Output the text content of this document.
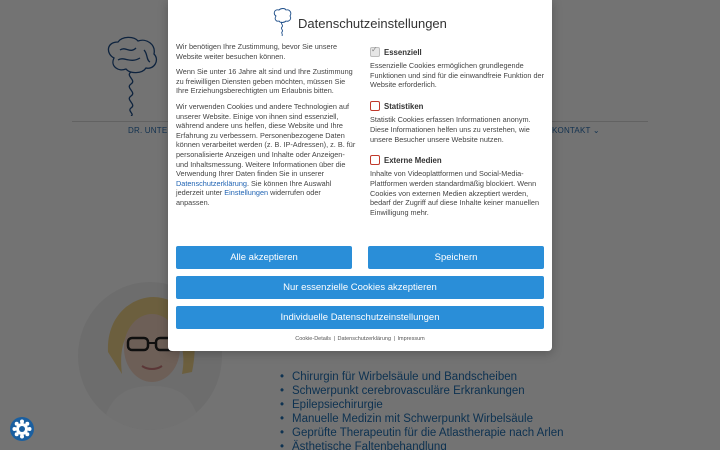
•
•
•
•
•
•
Datenschutzeinstellungen

Wir benötigen Ihre Zustimmung, bevor Sie unsere Website weiter besuchen können.

Wenn Sie unter 16 Jahre alt sind und Ihre Zustimmung zu freiwilligen Diensten geben möchten, müssen Sie Ihre Erziehungsberechtigten um Erlaubnis bitten.

Wir verwenden Cookies und andere Technologien auf unserer Website. Einige von ihnen sind essenziell, während andere uns helfen, diese Website und Ihre Erfahrung zu verbessern. Personenbezogene Daten können verarbeitet werden (z. B. IP-Adressen), z. B. für personalisierte Anzeigen und Inhalte oder Anzeigen- und Inhaltsmessung. Weitere Informationen über die Verwendung Ihrer Daten finden Sie in unserer Datenschutzerklärung. Sie können Ihre Auswahl jederzeit unter Einstellungen widerrufen oder anpassen.

✓
Essenziell
Essenzielle Cookies ermöglichen grundlegende Funktionen und sind für die einwandfreie Funktion der Website erforderlich.
Statistiken
Statistik Cookies erfassen Informationen anonym. Diese Informationen helfen uns zu verstehen, wie unsere Besucher unsere Website nutzen.
Externe Medien
Inhalte von Videoplattformen und Social-Media-Plattformen werden standardmäßig blockiert. Wenn Cookies von externen Medien akzeptiert werden, bedarf der Zugriff auf diese Inhalte keiner manuellen Einwilligung mehr.
Alle akzeptieren	Speichern
Nur essenzielle Cookies akzeptieren
Individuelle Datenschutzeinstellungen
Cookie-Details | Datenschutzerklärung | Impressum
